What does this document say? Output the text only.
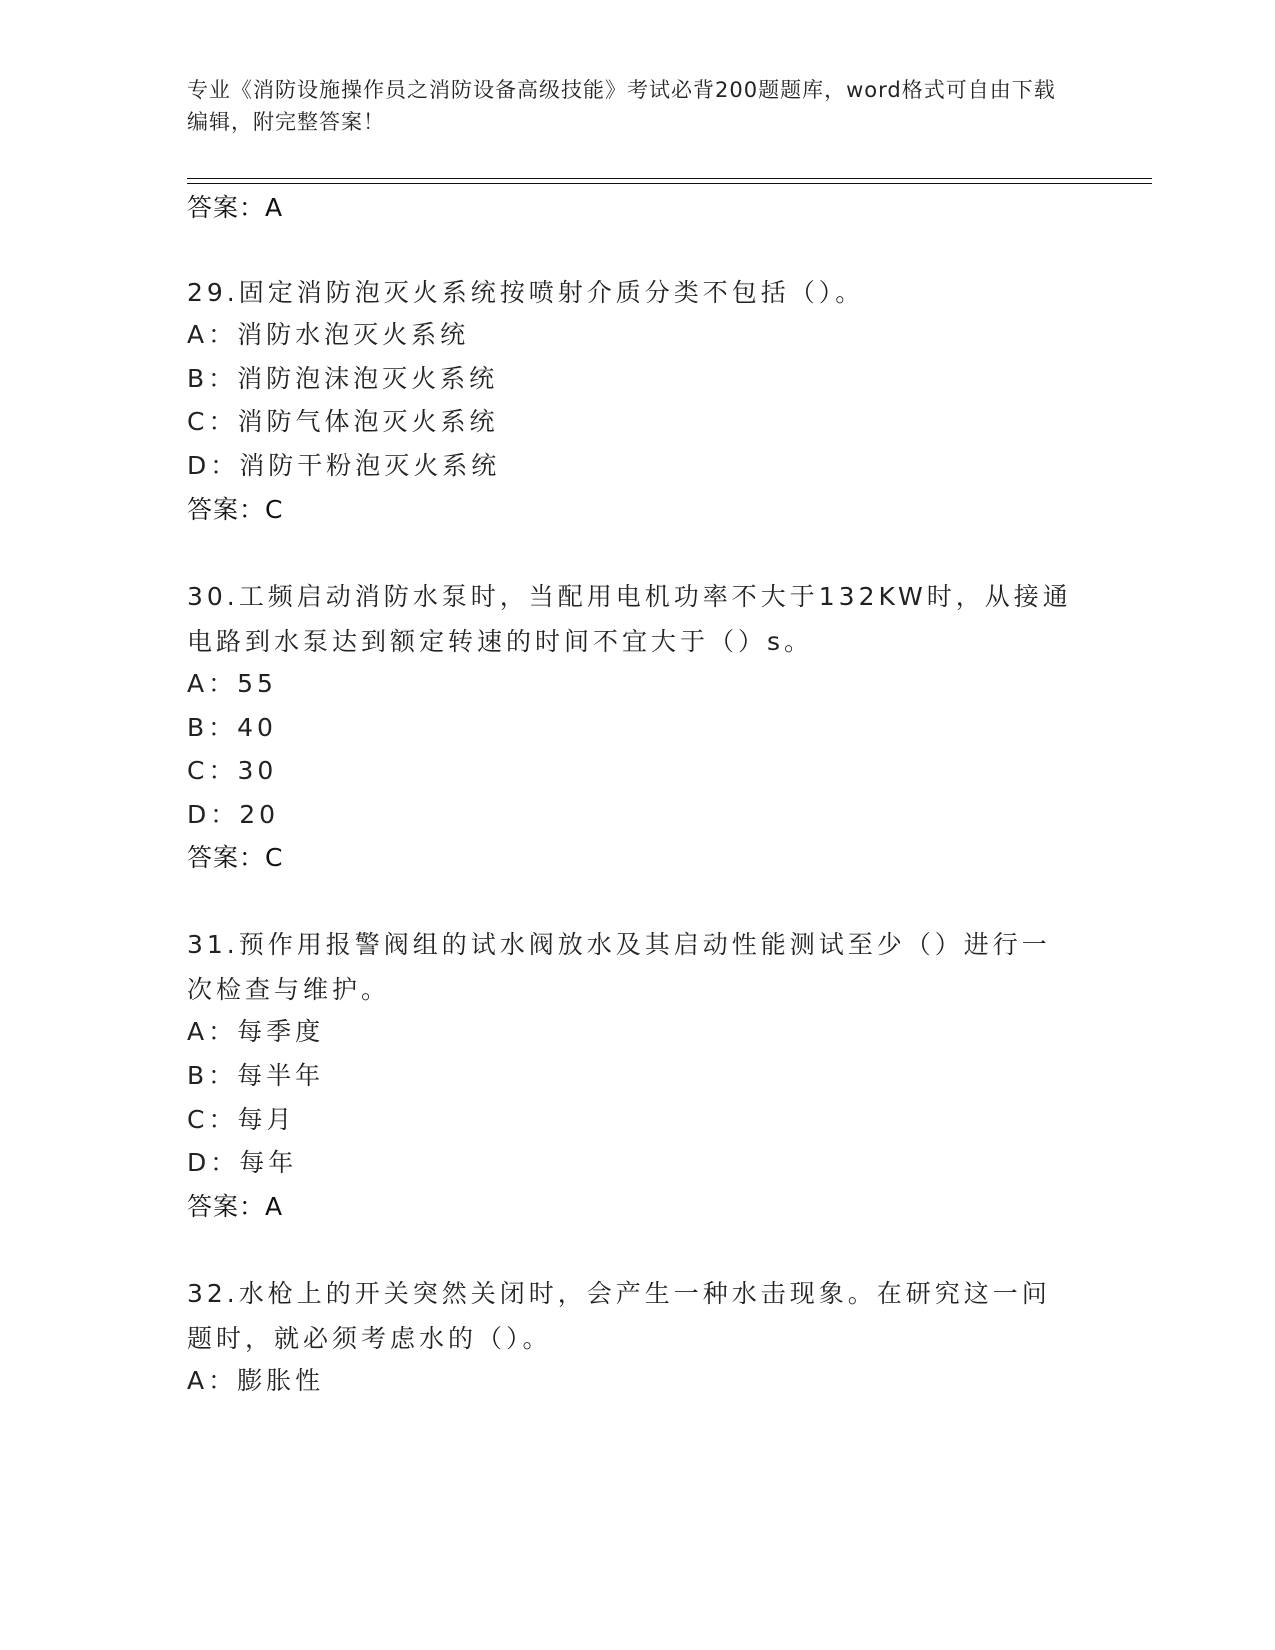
专业《消防设施操作员之消防设备高级技能》考试必背200题题库，word格式可自由下载编辑，附完整答案！
答案：A
29.固定消防泡灭火系统按喷射介质分类不包括（）。
A：消防水泡灭火系统
B：消防泡沫泡灭火系统
C：消防气体泡灭火系统
D：消防干粉泡灭火系统
答案：C
30.工频启动消防水泵时，当配用电机功率不大于132KW时，从接通电路到水泵达到额定转速的时间不宜大于（）s。
A：55
B：40
C：30
D：20
答案：C
31.预作用报警阀组的试水阀放水及其启动性能测试至少（）进行一次检查与维护。
A：每季度
B：每半年
C：每月
D：每年
答案：A
32.水枪上的开关突然关闭时，会产生一种水击现象。在研究这一问题时，就必须考虑水的（）。
A：膨胀性
